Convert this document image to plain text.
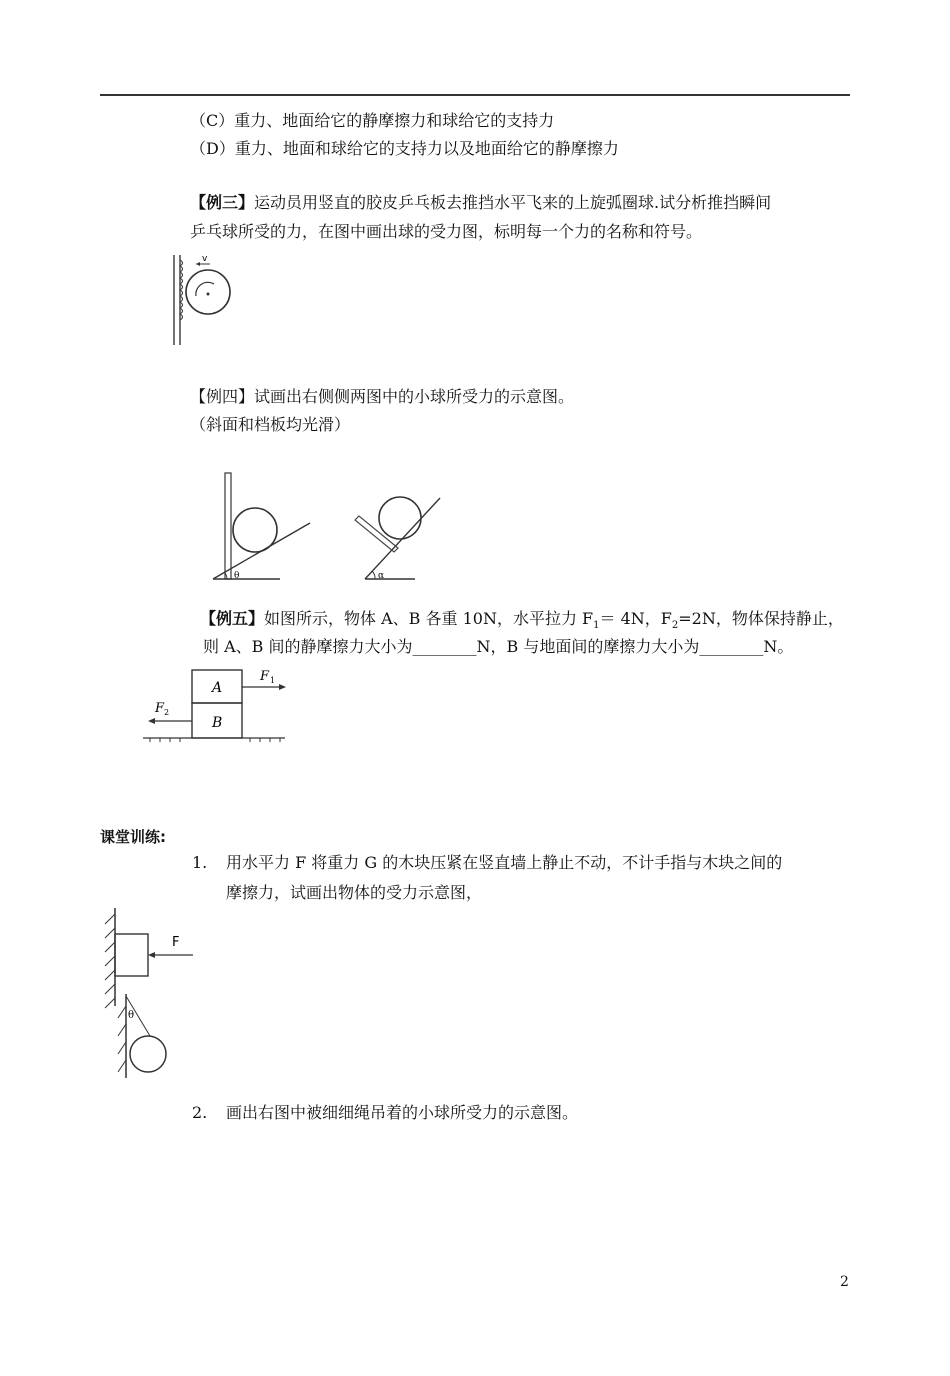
（C）重力、地面给它的静摩擦力和球给它的支持力
（D）重力、地面和球给它的支持力以及地面给它的静摩擦力
【例三】运动员用竖直的胶皮乒乓板去推挡水平飞来的上旋弧圈球.试分析推挡瞬间
乒乓球所受的力，在图中画出球的受力图，标明每一个力的名称和符号。
v
【例四】试画出右侧侧两图中的小球所受力的示意图。
（斜面和档板均光滑）
θ	α
【例五】如图所示，物体 A、B 各重 10N，水平拉力 $F_1= 4N$，$F_2=2N$，物体保持静止，
则 A、B 间的静摩擦力大小为________N，B 与地面间的摩擦力大小为________N。
A
B
F 1
F 2
课堂训练:
1. 用水平力 F 将重力 G 的木块压紧在竖直墙上静止不动，不计手指与木块之间的
摩擦力，试画出物体的受力示意图，
F
θ
2. 画出右图中被细细绳吊着的小球所受力的示意图。
2
